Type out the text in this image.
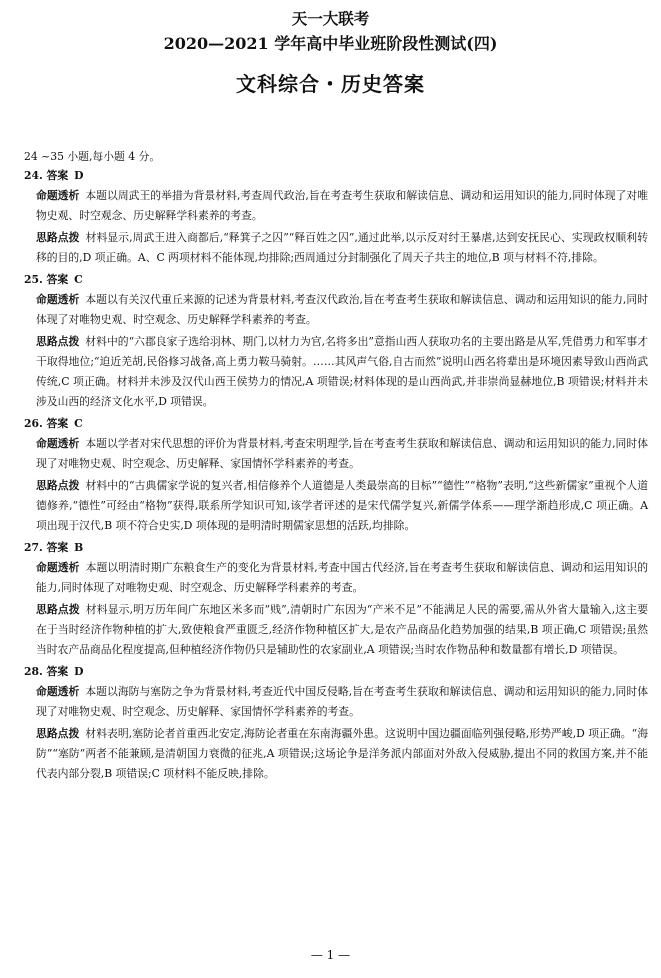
天一大联考
2020—2021 学年高中毕业班阶段性测试(四)
文科综合・历史答案

24 ~35 小题,每小题 4 分。

24. 答案 D

命题透析 本题以周武王的举措为背景材料,考查周代政治,旨在考查考生获取和解读信息、调动和运用知识的能力,同时体现了对唯物史观、时空观念、历史解释学科素养的考查。

思路点拨 材料显示,周武王进入商都后,“释箕子之囚”“释百姓之囚”,通过此举,以示反对纣王暴虐,达到安抚民心、实现政权顺利转移的目的,D 项正确。A、C 两项材料不能体现,均排除;西周通过分封制强化了周天子共主的地位,B 项与材料不符,排除。

25. 答案 C

命题透析 本题以有关汉代重丘来源的记述为背景材料,考查汉代政治,旨在考查考生获取和解读信息、调动和运用知识的能力,同时体现了对唯物史观、时空观念、历史解释学科素养的考查。

思路点拨 材料中的“六郡良家子选给羽林、期门,以材力为官,名将多出”意指山西人获取功名的主要出路是从军,凭借勇力和军事才干取得地位;“迫近羌胡,民俗修习战备,高上勇力鞍马骑射。……其风声气俗,自古而然”说明山西名将辈出是环境因素导致山西尚武传统,C 项正确。材料并未涉及汉代山西王侯势力的情况,A 项错误;材料体现的是山西尚武,并非崇尚显赫地位,B 项错误;材料并未涉及山西的经济文化水平,D 项错误。

26. 答案 C

命题透析 本题以学者对宋代思想的评价为背景材料,考查宋明理学,旨在考查考生获取和解读信息、调动和运用知识的能力,同时体现了对唯物史观、时空观念、历史解释、家国情怀学科素养的考查。

思路点拨 材料中的“古典儒家学说的复兴者,相信修养个人道德是人类最崇高的目标”“德性”“格物”表明,“这些新儒家”重视个人道德修养,“德性”可经由“格物”获得,联系所学知识可知,该学者评述的是宋代儒学复兴,新儒学体系——理学渐趋形成,C 项正确。A 项出现于汉代,B 项不符合史实,D 项体现的是明清时期儒家思想的活跃,均排除。

27. 答案 B

命题透析 本题以明清时期广东粮食生产的变化为背景材料,考查中国古代经济,旨在考查考生获取和解读信息、调动和运用知识的能力,同时体现了对唯物史观、时空观念、历史解释学科素养的考查。

思路点拨 材料显示,明万历年间广东地区米多而“贱”,清朝时广东因为“产米不足”不能满足人民的需要,需从外省大量输入,这主要在于当时经济作物种植的扩大,致使粮食严重匮乏,经济作物种植区扩大,是农产品商品化趋势加强的结果,B 项正确,C 项错误;虽然当时农产品商品化程度提高,但种植经济作物仍只是辅助性的农家副业,A 项错误;当时农作物品种和数量都有增长,D 项错误。

28. 答案 D

命题透析 本题以海防与塞防之争为背景材料,考查近代中国反侵略,旨在考查考生获取和解读信息、调动和运用知识的能力,同时体现了对唯物史观、时空观念、历史解释、家国情怀学科素养的考查。

思路点拨 材料表明,塞防论者首重西北安定,海防论者重在东南海疆外患。这说明中国边疆面临列强侵略,形势严峻,D 项正确。“海防”“塞防”两者不能兼顾,是清朝国力衰微的征兆,A 项错误;这场论争是洋务派内部面对外敌入侵威胁,提出不同的救国方案,并不能代表内部分裂,B 项错误;C 项材料不能反映,排除。

— 1 —
